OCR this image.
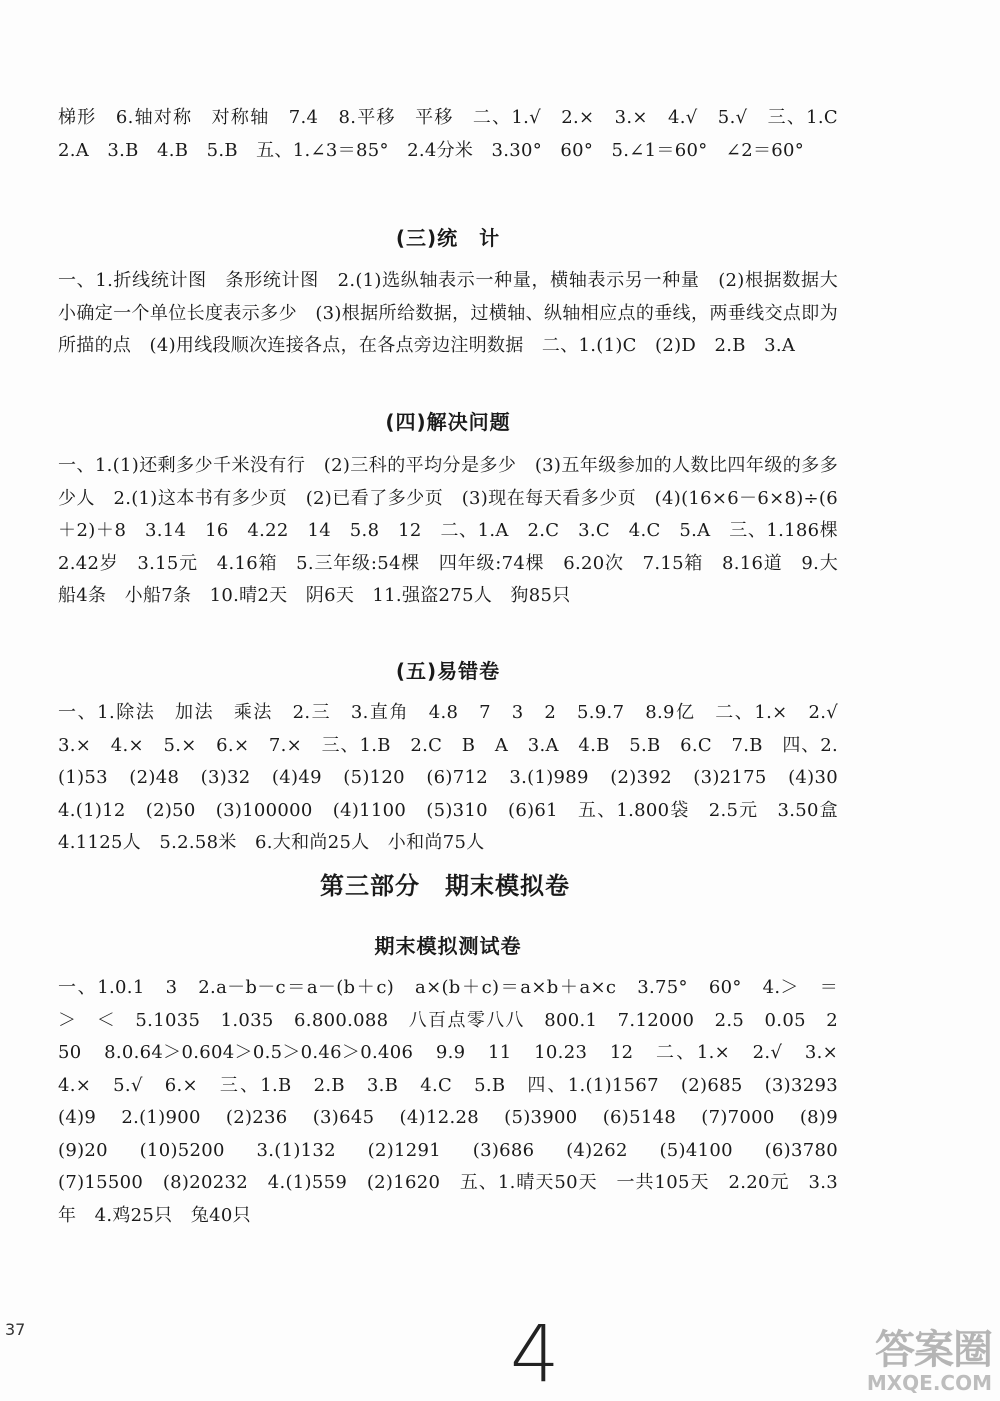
梯形　6.轴对称　对称轴　7.4　8.平移　平移　二、1.√　2.×　3.×　4.√　5.√　三、1.C　2.A　3.B　4.B　5.B　五、1.∠3＝85°　2.4分米　3.30°　60°　5.∠1＝60°　∠2＝60°
(三)统　计
一、1.折线统计图　条形统计图　2.(1)选纵轴表示一种量，横轴表示另一种量　(2)根据数据大小确定一个单位长度表示多少　(3)根据所给数据，过横轴、纵轴相应点的垂线，两垂线交点即为所描的点　(4)用线段顺次连接各点，在各点旁边注明数据　二、1.(1)C　(2)D　2.B　3.A
(四)解决问题
一、1.(1)还剩多少千米没有行　(2)三科的平均分是多少　(3)五年级参加的人数比四年级的多多少人　2.(1)这本书有多少页　(2)已看了多少页　(3)现在每天看多少页　(4)(16×6－6×8)÷(6＋2)＋8　3.14　16　4.22　14　5.8　12　二、1.A　2.C　3.C　4.C　5.A　三、1.186棵　2.42岁　3.15元　4.16箱　5.三年级:54棵　四年级:74棵　6.20次　7.15箱　8.16道　9.大船4条　小船7条　10.晴2天　阴6天　11.强盗275人　狗85只
(五)易错卷
一、1.除法　加法　乘法　2.三　3.直角　4.8　7　3　2　5.9.7　8.9亿　二、1.×　2.√　3.×　4.×　5.×　6.×　7.×　三、1.B　2.C　B　A　3.A　4.B　5.B　6.C　7.B　四、2.(1)53　(2)48　(3)32　(4)49　(5)120　(6)712　3.(1)989　(2)392　(3)2175　(4)30　4.(1)12　(2)50　(3)100000　(4)1100　(5)310　(6)61　五、1.800袋　2.5元　3.50盒　4.1125人　5.2.58米　6.大和尚25人　小和尚75人
第三部分　期末模拟卷
期末模拟测试卷
一、1.0.1　3　2.a－b－c＝a－(b＋c)　a×(b＋c)＝a×b＋a×c　3.75°　60°　4.＞　＝　＞　＜　5.1035　1.035　6.800.088　八百点零八八　800.1　7.12000　2.5　0.05　2　50　8.0.64＞0.604＞0.5＞0.46＞0.406　9.9　11　10.23　12　二、1.×　2.√　3.×　4.×　5.√　6.×　三、1.B　2.B　3.B　4.C　5.B　四、1.(1)1567　(2)685　(3)3293　(4)9　2.(1)900　(2)236　(3)645　(4)12.28　(5)3900　(6)5148　(7)7000　(8)9　(9)20　(10)5200　3.(1)132　(2)1291　(3)686　(4)262　(5)4100　(6)3780　(7)15500　(8)20232　4.(1)559　(2)1620　五、1.晴天50天　一共105天　2.20元　3.3年　4.鸡25只　兔40只
37	4	答案圈
MXQE.COM
